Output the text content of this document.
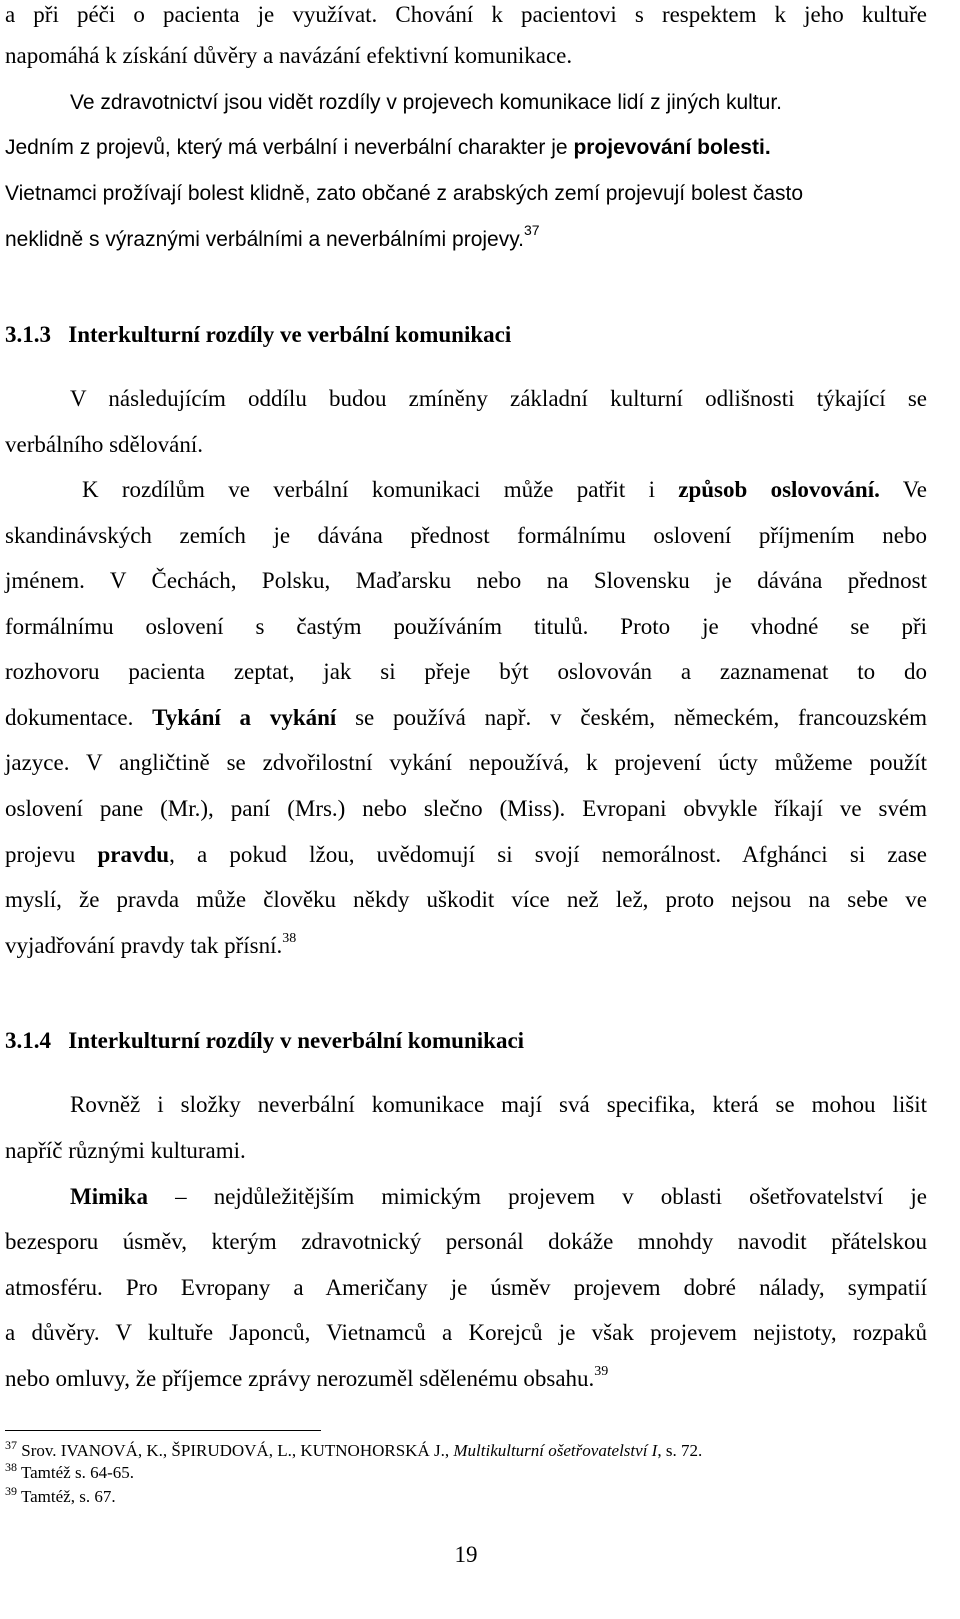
a při péči o pacienta je využívat. Chování k pacientovi s respektem k jeho kultuře
napomáhá k získání důvěry a navázání efektivní komunikace.
Ve zdravotnictví jsou vidět rozdíly v projevech komunikace lidí z jiných kultur.
Jedním z projevů, který má verbální i neverbální charakter je projevování bolesti.
Vietnamci prožívají bolest klidně, zato občané z arabských zemí projevují bolest často
neklidně s výraznými verbálními a neverbálními projevy.$^{37}$
3.1.3   Interkulturní rozdíly ve verbální komunikaci
V následujícím oddílu budou zmíněny základní kulturní odlišnosti týkající se
verbálního sdělování.
K rozdílům ve verbální komunikaci může patřit i způsob oslovování. Ve
skandinávských zemích je dávána přednost formálnímu oslovení příjmením nebo
jménem. V Čechách, Polsku, Maďarsku nebo na Slovensku je dávána přednost
formálnímu oslovení s častým používáním titulů. Proto je vhodné se při
rozhovoru pacienta zeptat, jak si přeje být oslovován a zaznamenat to do
dokumentace. Tykání a vykání se používá např. v českém, německém, francouzském
jazyce. V angličtině se zdvořilostní vykání nepoužívá, k projevení úcty můžeme použít
oslovení pane (Mr.), paní (Mrs.) nebo slečno (Miss). Evropani obvykle říkají ve svém
projevu pravdu, a pokud lžou, uvědomují si svojí nemorálnost. Afghánci si zase
myslí, že pravda může člověku někdy uškodit více než lež, proto nejsou na sebe ve
vyjadřování pravdy tak přísní.$^{38}$
3.1.4   Interkulturní rozdíly v neverbální komunikaci
Rovněž i složky neverbální komunikace mají svá specifika, která se mohou lišit
napříč různými kulturami.
Mimika – nejdůležitějším mimickým projevem v oblasti ošetřovatelství je
bezesporu úsměv, kterým zdravotnický personál dokáže mnohdy navodit přátelskou
atmosféru. Pro Evropany a Američany je úsměv projevem dobré nálady, sympatií
a důvěry. V kultuře Japonců, Vietnamců a Korejců je však projevem nejistoty, rozpaků
nebo omluvy, že příjemce zprávy nerozuměl sdělenému obsahu.$^{39}$
$^{37}$ Srov. IVANOVÁ, K., ŠPIRUDOVÁ, L., KUTNOHORSKÁ J., Multikulturní ošetřovatelství I, s. 72.
$^{38}$ Tamtéž s. 64-65.
$^{39}$ Tamtéž, s. 67.
19
